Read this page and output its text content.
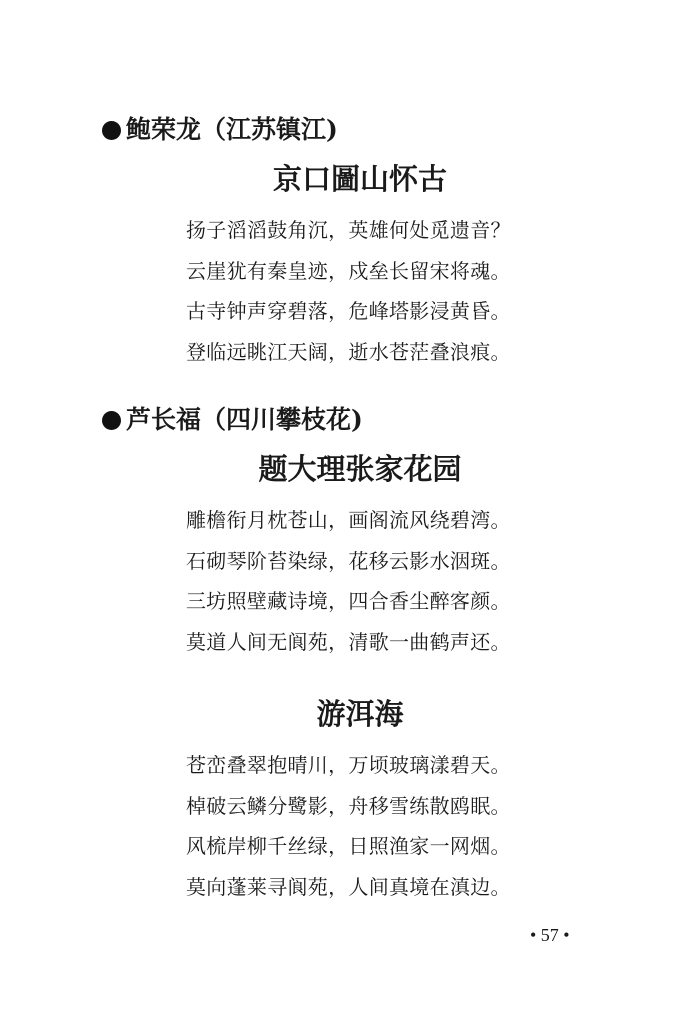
鲍荣龙（江苏镇江)
京口圖山怀古
扬子滔滔鼓角沉，英雄何处觅遗音？
云崖犹有秦皇迹，戍垒长留宋将魂。
古寺钟声穿碧落，危峰塔影浸黄昏。
登临远眺江天阔，逝水苍茫叠浪痕。
芦长福（四川攀枝花)
题大理张家花园
雕檐衔月枕苍山，画阁流风绕碧湾。
石砌琴阶苔染绿，花移云影水洇斑。
三坊照壁藏诗境，四合香尘醉客颜。
莫道人间无阆苑，清歌一曲鹤声还。
游洱海
苍峦叠翠抱晴川，万顷玻璃漾碧天。
棹破云鳞分鹭影，舟移雪练散鸥眠。
风梳岸柳千丝绿，日照渔家一网烟。
莫向蓬莱寻阆苑，人间真境在滇边。
• 57 •
